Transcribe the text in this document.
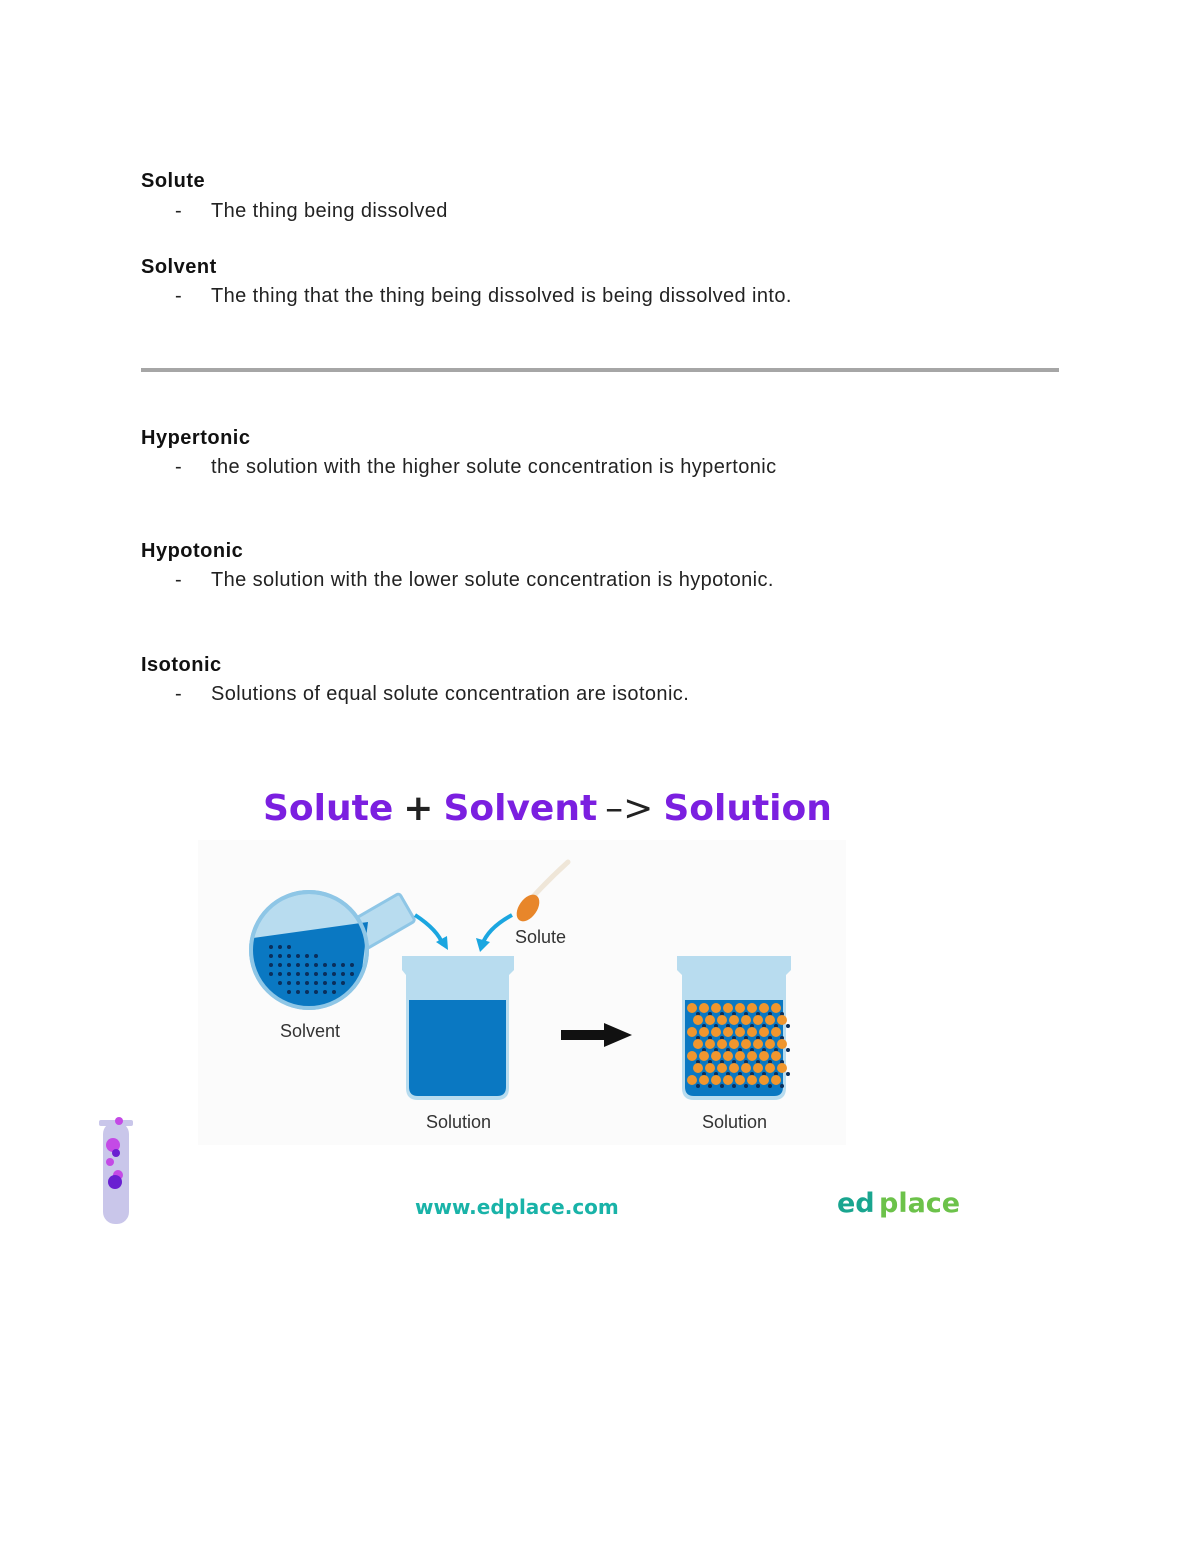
Solute
- The thing being dissolved
Solvent
- The thing that the thing being dissolved is being dissolved into.
Hypertonic
- the solution with the higher solute concentration is hypertonic
Hypotonic
- The solution with the lower solute concentration is hypotonic.
Isotonic
- Solutions of equal solute concentration are isotonic.
Solute + Solvent –> Solution
Solvent
Solute
Solution	Solution
www.edplace.com	ed place
